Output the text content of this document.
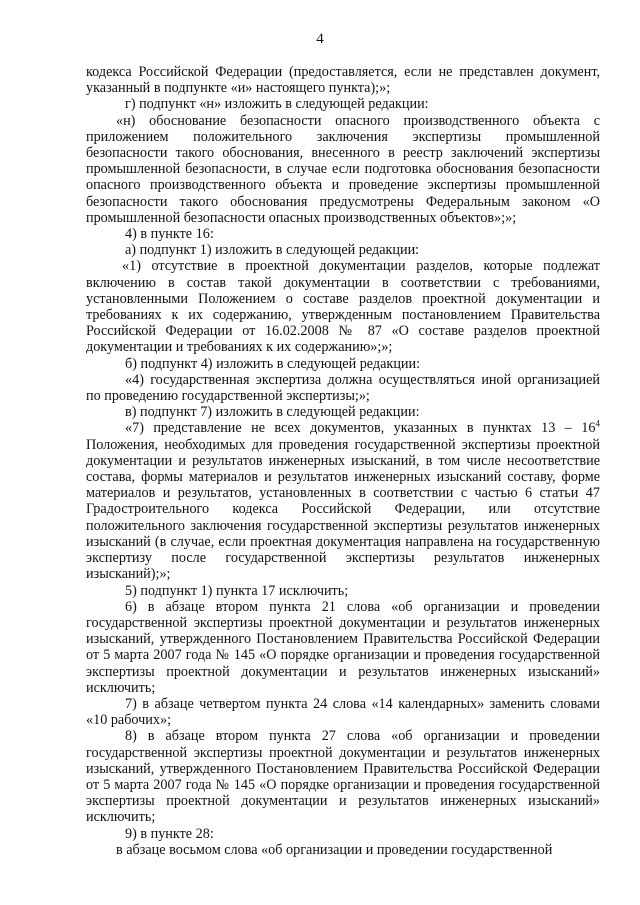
4

кодекса Российской Федерации (предоставляется, если не представлен документ, указанный в подпункте «и» настоящего пункта);»;

г) подпункт «н» изложить в следующей редакции:

«н) обоснование безопасности опасного производственного объекта с приложением положительного заключения экспертизы промышленной безопасности такого обоснования, внесенного в реестр заключений экспертизы промышленной безопасности, в случае если подготовка обоснования безопасности опасного производственного объекта и проведение экспертизы промышленной безопасности такого обоснования предусмотрены Федеральным законом «О промышленной безопасности опасных производственных объектов»;»;

4) в пункте 16:

а) подпункт 1) изложить в следующей редакции:

«1) отсутствие в проектной документации разделов, которые подлежат включению в состав такой документации в соответствии с требованиями, установленными Положением о составе разделов проектной документации и требованиях к их содержанию, утвержденным постановлением Правительства Российской Федерации от 16.02.2008 № 87 «О составе разделов проектной документации и требованиях к их содержанию»;»;

б) подпункт 4) изложить в следующей редакции:

«4) государственная экспертиза должна осуществляться иной организацией по проведению государственной экспертизы;»;

в) подпункт 7) изложить в следующей редакции:

«7) представление не всех документов, указанных в пунктах $13 - 16^4$ Положения, необходимых для проведения государственной экспертизы проектной документации и результатов инженерных изысканий, в том числе несоответствие состава, формы материалов и результатов инженерных изысканий составу, форме материалов и результатов, установленных в соответствии с частью 6 статьи 47 Градостроительного кодекса Российской Федерации, или отсутствие положительного заключения государственной экспертизы результатов инженерных изысканий (в случае, если проектная документация направлена на государственную экспертизу после государственной экспертизы результатов инженерных изысканий);»;

5) подпункт 1) пункта 17 исключить;

6) в абзаце втором пункта 21 слова «об организации и проведении государственной экспертизы проектной документации и результатов инженерных изысканий, утвержденного Постановлением Правительства Российской Федерации от 5 марта 2007 года № 145 «О порядке организации и проведения государственной экспертизы проектной документации и результатов инженерных изысканий» исключить;

7) в абзаце четвертом пункта 24 слова «14 календарных» заменить словами «10 рабочих»;

8) в абзаце втором пункта 27 слова «об организации и проведении государственной экспертизы проектной документации и результатов инженерных изысканий, утвержденного Постановлением Правительства Российской Федерации от 5 марта 2007 года № 145 «О порядке организации и проведения государственной экспертизы проектной документации и результатов инженерных изысканий» исключить;

9) в пункте 28:

в абзаце восьмом слова «об организации и проведении государственной
